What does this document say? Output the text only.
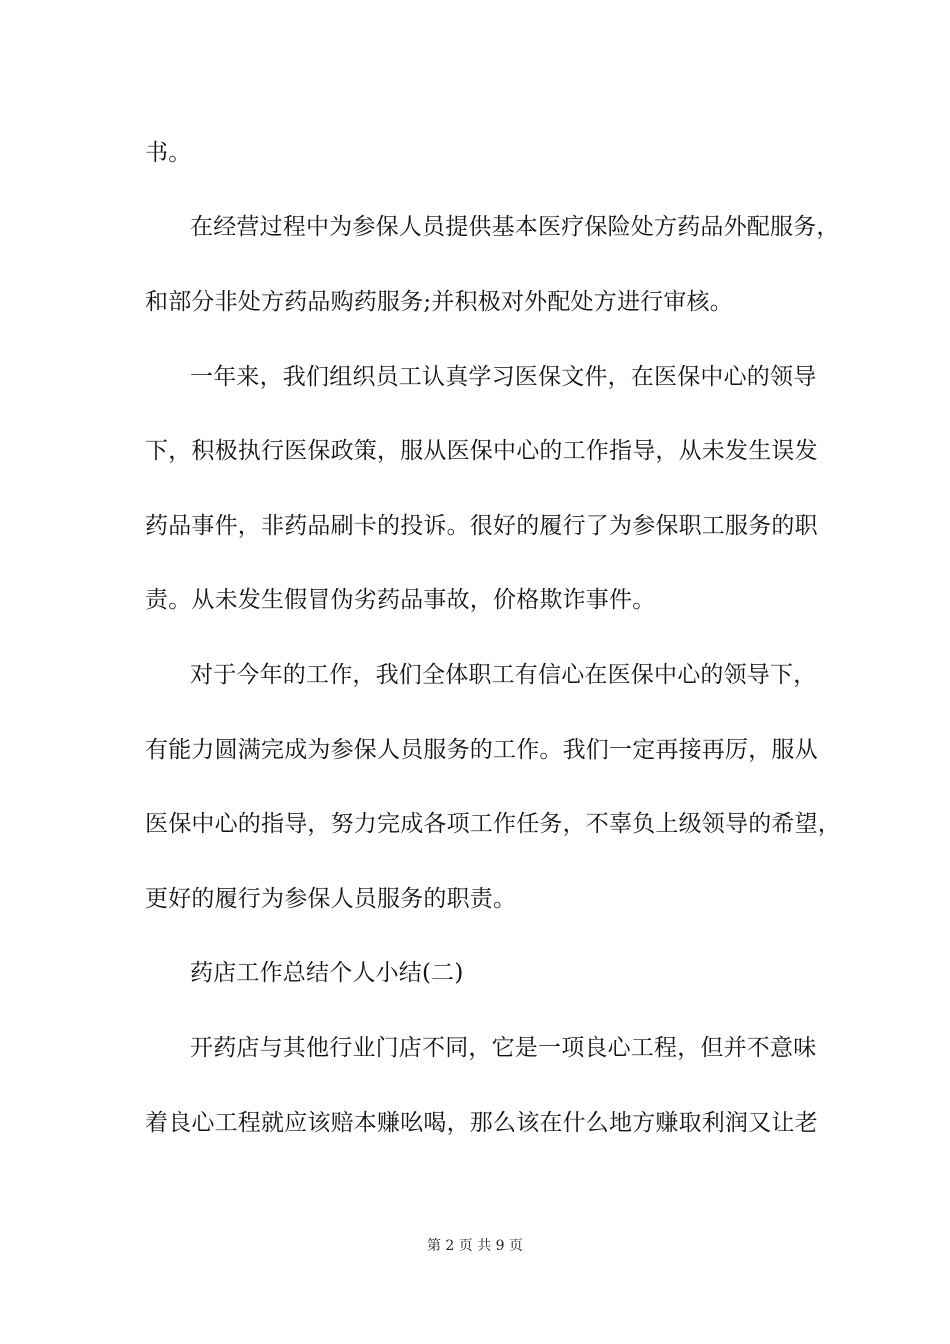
书。
在经营过程中为参保人员提供基本医疗保险处方药品外配服务，
和部分非处方药品购药服务;并积极对外配处方进行审核。
一年来，我们组织员工认真学习医保文件，在医保中心的领导
下，积极执行医保政策，服从医保中心的工作指导，从未发生误发
药品事件，非药品刷卡的投诉。很好的履行了为参保职工服务的职
责。从未发生假冒伪劣药品事故，价格欺诈事件。
对于今年的工作，我们全体职工有信心在医保中心的领导下，
有能力圆满完成为参保人员服务的工作。我们一定再接再厉，服从
医保中心的指导，努力完成各项工作任务，不辜负上级领导的希望，
更好的履行为参保人员服务的职责。
药店工作总结个人小结(二)
开药店与其他行业门店不同，它是一项良心工程，但并不意味
着良心工程就应该赔本赚吆喝，那么该在什么地方赚取利润又让老
第 2 页 共 9 页
